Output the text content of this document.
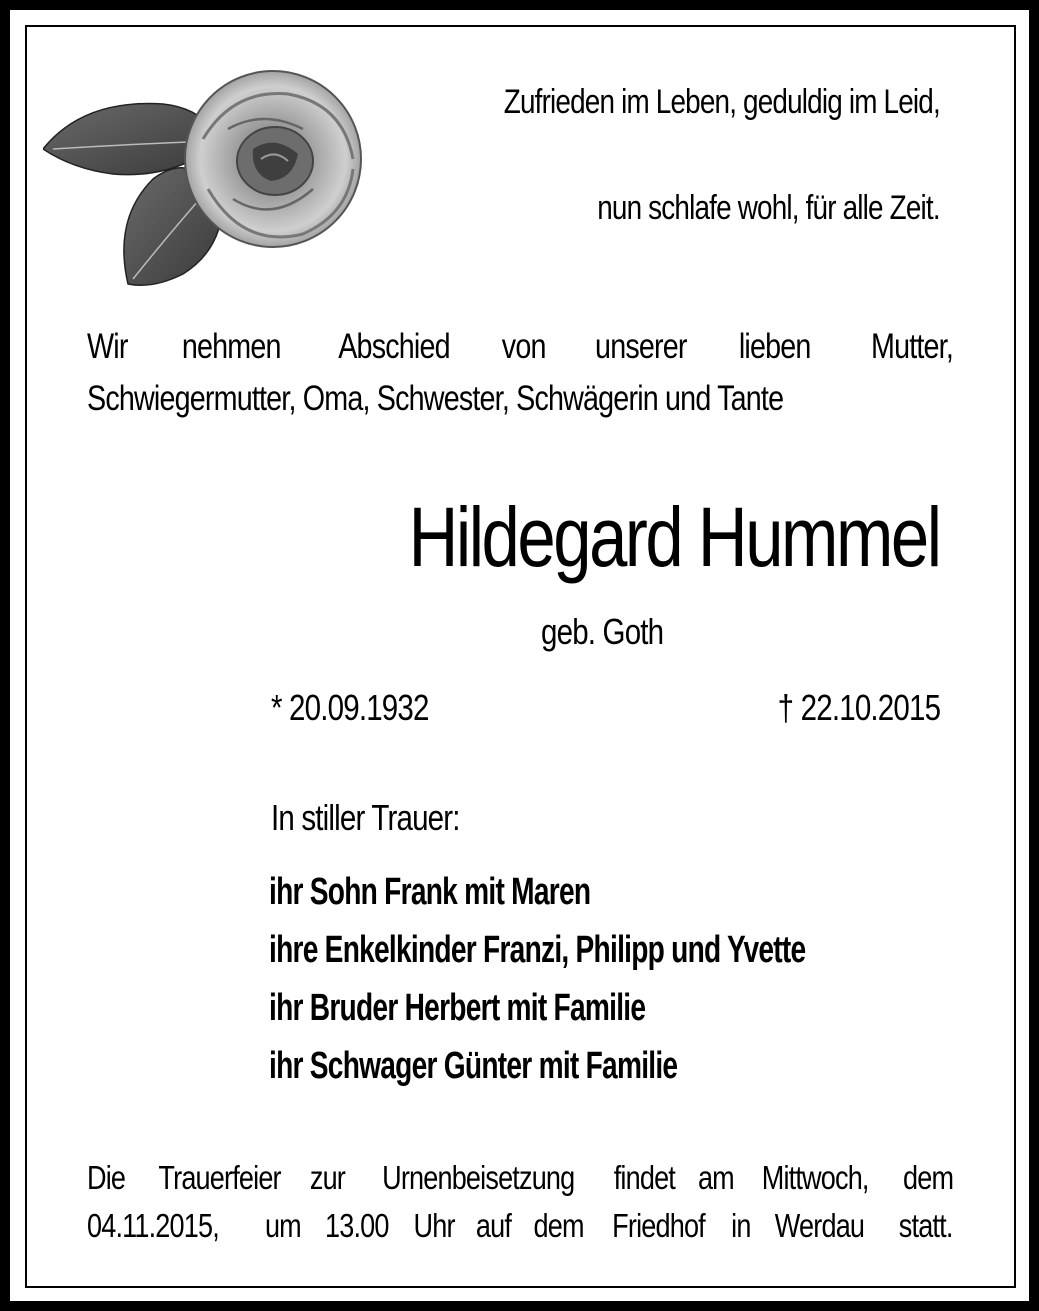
Zufrieden im Leben, geduldig im Leid,
nun schlafe wohl, für alle Zeit.
Wir nehmen Abschied von unserer lieben Mutter,
Schwiegermutter, Oma, Schwester, Schwägerin und Tante
Hildegard Hummel
geb. Goth
* 20.09.1932	† 22.10.2015
In stiller Trauer:
ihr Sohn Frank mit Maren
ihre Enkelkinder Franzi, Philipp und Yvette
ihr Bruder Herbert mit Familie
ihr Schwager Günter mit Familie
Die Trauerfeier zur Urnenbeisetzung findet am Mittwoch, dem
04.11.2015, um 13.00 Uhr auf dem Friedhof in Werdau statt.
